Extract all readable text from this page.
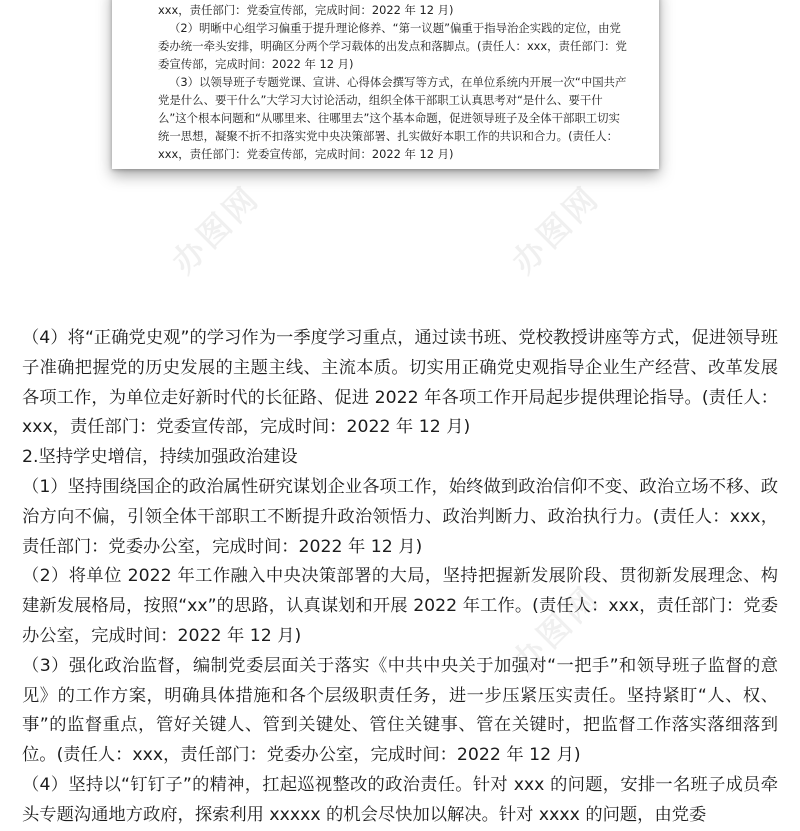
xxx，责任部门：党委宣传部，完成时间：2022 年 12 月)

（2）明晰中心组学习偏重于提升理论修养、“第一议题”偏重于指导治企实践的定位，由党委办统一牵头安排，明确区分两个学习载体的出发点和落脚点。(责任人：xxx，责任部门：党委宣传部，完成时间：2022 年 12 月)

（3）以领导班子专题党课、宣讲、心得体会撰写等方式，在单位系统内开展一次“中国共产党是什么、要干什么”大学习大讨论活动，组织全体干部职工认真思考对“是什么、要干什么”这个根本问题和“从哪里来、往哪里去”这个基本命题，促进领导班子及全体干部职工切实统一思想，凝聚不折不扣落实党中央决策部署、扎实做好本职工作的共识和合力。(责任人：xxx，责任部门：党委宣传部，完成时间：2022 年 12 月)

办图网	办图网
办图网

（4）将“正确党史观”的学习作为一季度学习重点，通过读书班、党校教授讲座等方式，促进领导班子准确把握党的历史发展的主题主线、主流本质。切实用正确党史观指导企业生产经营、改革发展各项工作，为单位走好新时代的长征路、促进 2022 年各项工作开局起步提供理论指导。(责任人：xxx，责任部门：党委宣传部，完成时间：2022 年 12 月)

2.坚持学史增信，持续加强政治建设

（1）坚持围绕国企的政治属性研究谋划企业各项工作，始终做到政治信仰不变、政治立场不移、政治方向不偏，引领全体干部职工不断提升政治领悟力、政治判断力、政治执行力。(责任人：xxx，责任部门：党委办公室，完成时间：2022 年 12 月)

（2）将单位 2022 年工作融入中央决策部署的大局，坚持把握新发展阶段、贯彻新发展理念、构建新发展格局，按照“xx”的思路，认真谋划和开展 2022 年工作。(责任人：xxx，责任部门：党委办公室，完成时间：2022 年 12 月)

（3）强化政治监督，编制党委层面关于落实《中共中央关于加强对“一把手”和领导班子监督的意见》的工作方案，明确具体措施和各个层级职责任务，进一步压紧压实责任。坚持紧盯“人、权、事”的监督重点，管好关键人、管到关键处、管住关键事、管在关键时，把监督工作落实落细落到位。(责任人：xxx，责任部门：党委办公室，完成时间：2022 年 12 月)

（4）坚持以“钉钉子”的精神，扛起巡视整改的政治责任。针对 xxx 的问题，安排一名班子成员牵头专题沟通地方政府，探索利用 xxxxx 的机会尽快加以解决。针对 xxxx 的问题，由党委
